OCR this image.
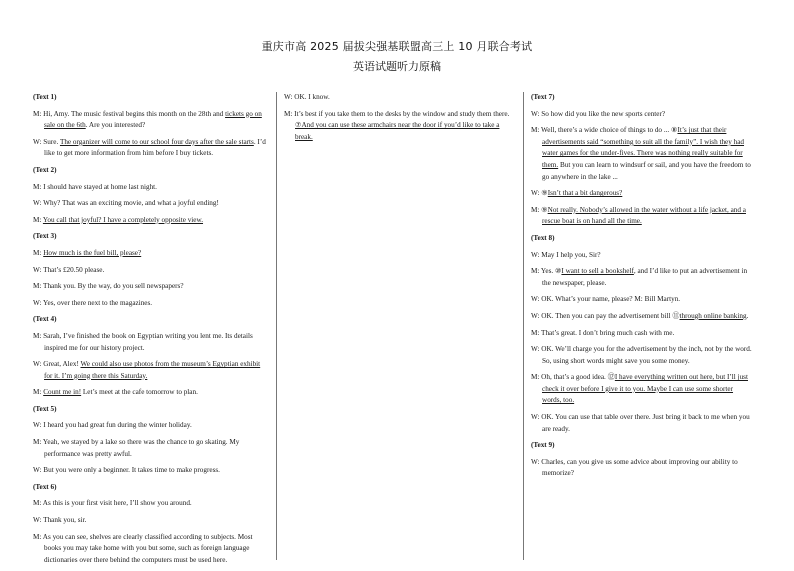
重庆市高 2025 届拔尖强基联盟高三上 10 月联合考试
英语试题听力原稿
(Text 1)
M: Hi, Amy. The music festival begins this month on the 28th and tickets go on sale on the 6th. Are you interested?
W: Sure. The organizer will come to our school four days after the sale starts. I’d like to get more information from him before I buy tickets.
(Text 2)
M: I should have stayed at home last night.
W: Why? That was an exciting movie, and what a joyful ending!
M: You call that joyful? I have a completely opposite view.
(Text 3)
M: How much is the fuel bill, please?
W: That’s £20.50 please.
M: Thank you. By the way, do you sell newspapers?
W: Yes, over there next to the magazines.
(Text 4)
M: Sarah, I’ve finished the book on Egyptian writing you lent me. Its details inspired me for our history project.
W: Great, Alex! We could also use photos from the museum’s Egyptian exhibit for it. I’m going there this Saturday.
M: Count me in! Let’s meet at the cafe tomorrow to plan.
(Text 5)
W: I heard you had great fun during the winter holiday.
M: Yeah, we stayed by a lake so there was the chance to go skating. My performance was pretty awful.
W: But you were only a beginner. It takes time to make progress.
(Text 6)
M: As this is your first visit here, I’ll show you around.
W: Thank you, sir.
M: As you can see, shelves are clearly classified according to subjects. Most books you may take home with you but some, such as foreign language dictionaries over there behind the computers must be used here.
W: OK. I know.
M: It’s best if you take them to the desks by the window and study them there. ⑦And you can use these armchairs near the door if you’d like to take a break.
(Text 7)
W: So how did you like the new sports center?
M: Well, there’s a wide choice of things to do ... ⑧It’s just that their advertisements said “something to suit all the family”. I wish they had water games for the under-fives. There was nothing really suitable for them. But you can learn to windsurf or sail, and you have the freedom to go anywhere in the lake ...
W: ⑨Isn’t that a bit dangerous?
M: ⑨Not really. Nobody’s allowed in the water without a life jacket, and a rescue boat is on hand all the time.
(Text 8)
W: May I help you, Sir?
M: Yes. ⑩I want to sell a bookshelf, and I’d like to put an advertisement in the newspaper, please.
W: OK. What’s your name, please? M: Bill Martyn.
W: OK. Then you can pay the advertisement bill ⑪through online banking.
M: That’s great. I don’t bring much cash with me.
W: OK. We’ll charge you for the advertisement by the inch, not by the word. So, using short words might save you some money.
M: Oh, that’s a good idea. ⑫I have everything written out here, but I’ll just check it over before I give it to you. Maybe I can use some shorter words, too.
W: OK. You can use that table over there. Just bring it back to me when you are ready.
(Text 9)
W: Charles, can you give us some advice about improving our ability to memorize?
